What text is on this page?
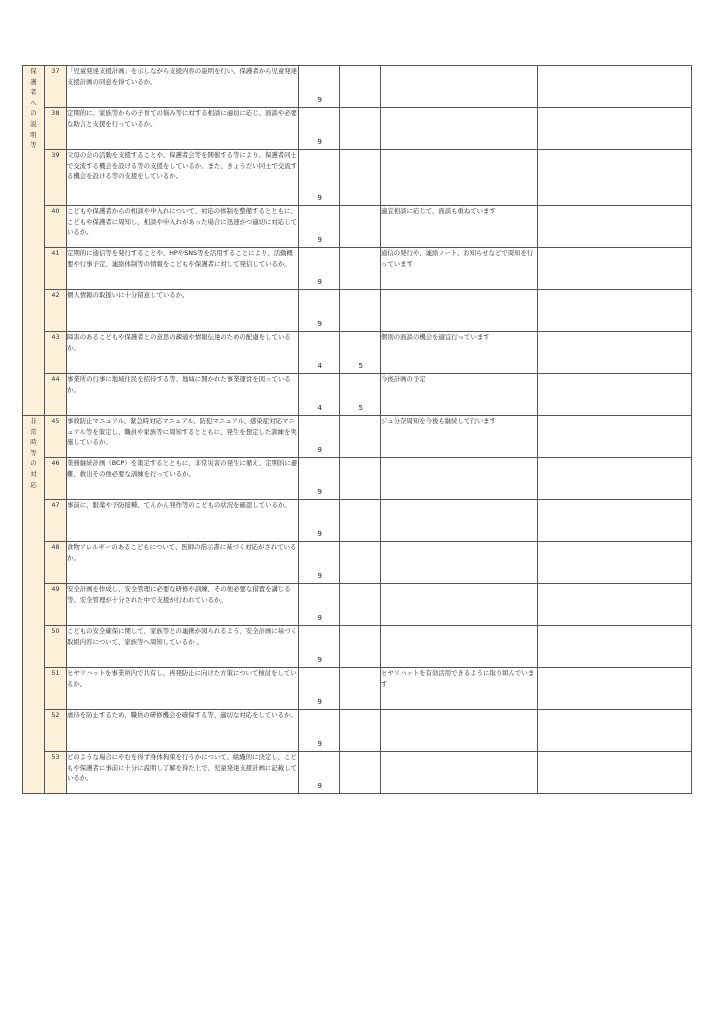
保護者への説明等	37	「児童発達支援計画」を示しながら支援内容の説明を行い、保護者から児童発達支援計画の同意を得ているか。	9			

	38	定期的に、家族等からの子育ての悩み等に対する相談に適切に応じ、面談や必要な助言と支援を行っているか。	9			

	39	父母の会の活動を支援することや、保護者会等を開催する等により、保護者同士で交流する機会を設ける等の支援をしているか。また、きょうだい同士で交流する機会を設ける等の支援をしているか。	9			

	40	こどもや保護者からの相談や申入れについて、対応の体制を整備するとともに、こどもや保護者に周知し、相談や申入れがあった場合に迅速かつ適切に対応しているか。	9		適宜相談に応じて、面談も重ねています	
	41	定期的に通信等を発行することや、HPやSNS等を活用することにより、活動概要や行事予定、連絡体制等の情報をこどもや保護者に対して発信しているか。	9		通信の発行や、連絡ノート、お知らせなどで周知を行っています	
	42	個人情報の取扱いに十分留意しているか。	9			

	43	障害のあるこどもや保護者との意思の疎通や情報伝達のための配慮をしているか。	4	5	個別の面談の機会を適宜行っています	
	44	事業所の行事に地域住民を招待する等、地域に開かれた事業運営を図っているか。	4	5	今後計画の予定	

非常時等の対応	45	事故防止マニュアル、緊急時対応マニュアル、防犯マニュアル、感染症対応マニュアル等を策定し、職員や家族等に周知するとともに、発生を想定した訓練を実施しているか。	9		ジュ分奈周知を今後も継続して行います	
	46	業務継続計画（BCP）を策定するとともに、非常災害の発生に備え、定期的に避難、救出その他必要な訓練を行っているか。	9			

	47	事前に、服薬や予防接種、てんかん発作等のこどもの状況を確認しているか。	9			

	48	食物アレルギーのあるこどもについて、医師の指示書に基づく対応がされているか。	9			

	49	安全計画を作成し、安全管理に必要な研修や訓練、その他必要な措置を講じる等、安全管理が十分された中で支援が行われているか。	9			

	50	こどもの安全確保に関して、家族等との連携が図られるよう、安全計画に基づく取組内容について、家族等へ周知しているか 。	9			

	51	ヒヤリハットを事業所内で共有し、再発防止に向けた方策について検討をしているか。	9		ヒヤリハットを有効活用できるように取り組んでいます	
	52	虐待を防止するため、職員の研修機会を確保する等、適切な対応をしているか。	9			

	53	どのような場合にやむを得ず身体拘束を行うかについて、組織的に決定し、こどもや保護者に事前に十分に説明し了解を得た上で、児童発達支援計画に記載しているか。	9			
